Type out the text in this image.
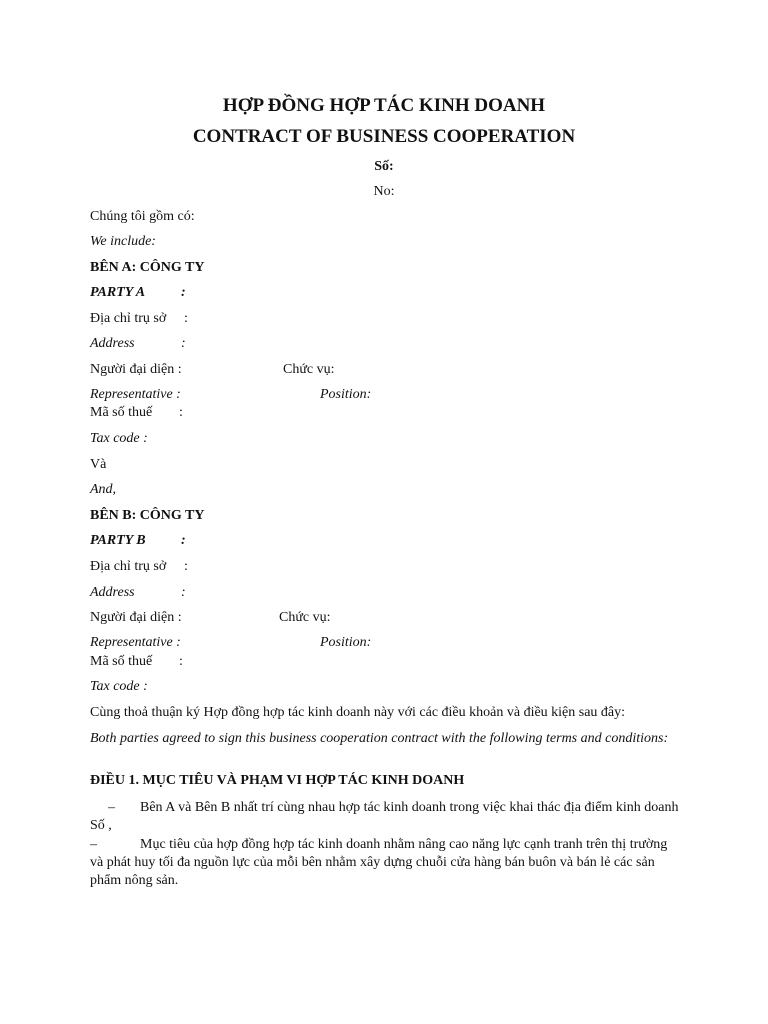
HỢP ĐỒNG HỢP TÁC KINH DOANH
CONTRACT OF BUSINESS COOPERATION
Số:
No:
Chúng tôi gồm có:
We include:
BÊN A: CÔNG TY
PARTY A	:
Địa chỉ trụ sở :
Address	:
Người đại diện :	Chức vụ:
Representative :	Position:
Mã số thuế :
Tax code :
Và
And,
BÊN B: CÔNG TY
PARTY B	:
Địa chỉ trụ sở :
Address	:
Người đại diện :	Chức vụ:
Representative :	Position:
Mã số thuế :
Tax code :
Cùng thoả thuận ký Hợp đồng hợp tác kinh doanh này với các điều khoản và điều kiện sau đây:
Both parties agreed to sign this business cooperation contract with the following terms and conditions:
ĐIỀU 1. MỤC TIÊU VÀ PHẠM VI HỢP TÁC KINH DOANH
– Bên A và Bên B nhất trí cùng nhau hợp tác kinh doanh trong việc khai thác địa điểm kinh doanh Số ,
–	Mục tiêu của hợp đồng hợp tác kinh doanh nhằm nâng cao năng lực cạnh tranh trên thị trường và phát huy tối đa nguồn lực của mỗi bên nhằm xây dựng chuỗi cửa hàng bán buôn và bán lẻ các sản phẩm nông sản.
